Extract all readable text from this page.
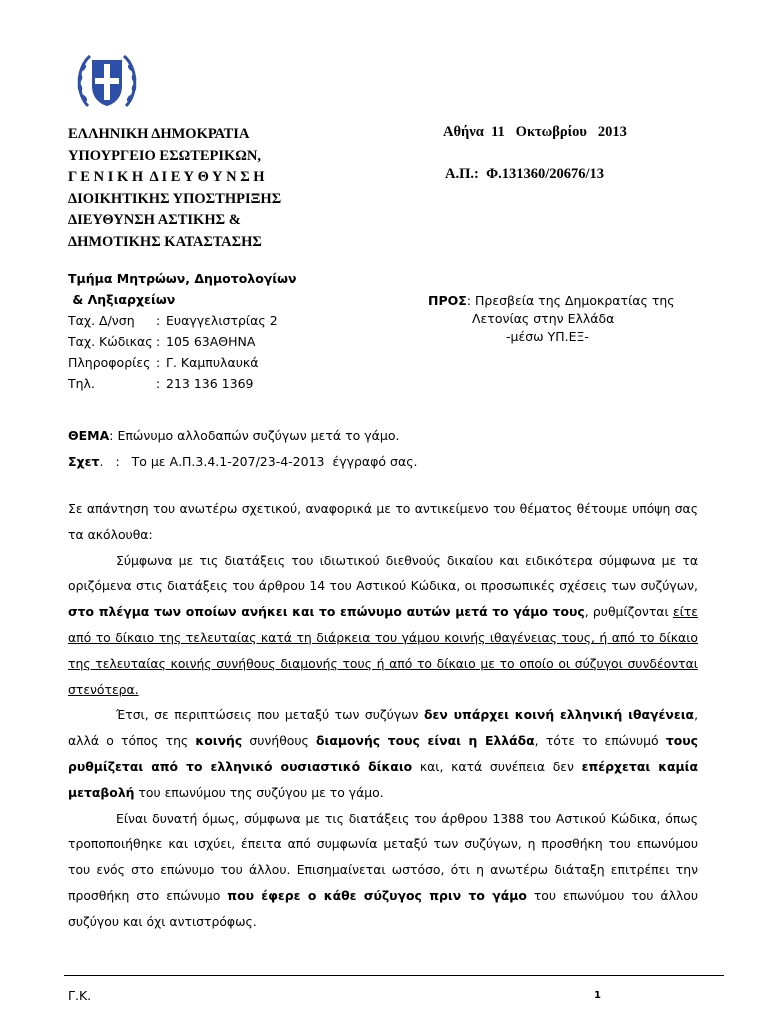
ΕΛΛΗΝΙΚΗ ΔΗΜΟΚΡΑΤΙΑ
ΥΠΟΥΡΓΕΙΟ ΕΣΩΤΕΡΙΚΩΝ,
Γ Ε Ν Ι Κ Η  Δ Ι Ε Υ Θ Υ Ν Σ Η
ΔΙΟΙΚΗΤΙΚΗΣ ΥΠΟΣΤΗΡΙΞΗΣ
ΔΙΕΥΘΥΝΣΗ ΑΣΤΙΚΗΣ &
ΔΗΜΟΤΙΚΗΣ ΚΑΤΑΣΤΑΣΗΣ
Αθήνα  11   Οκτωβρίου   2013
Α.Π.:  Φ.131360/20676/13
Τμήμα Μητρώων, Δημοτολογίων
& Ληξιαρχείων
Ταχ. Δ/νση	: Ευαγγελιστρίας 2
Ταχ. Κώδικας : 105 63ΑΘΗΝΑ
Πληροφορίες : Γ. Καμπυλαυκά
Τηλ.	: 213 136 1369
ΠΡΟΣ: Πρεσβεία της Δημοκρατίας της
Λετονίας στην Ελλάδα
-μέσω ΥΠ.ΕΞ-
ΘΕΜΑ: Επώνυμο αλλοδαπών συζύγων μετά το γάμο.
Σχετ.   :   Το με Α.Π.3.4.1-207/23-4-2013  έγγραφό σας.

Σε απάντηση του ανωτέρω σχετικού, αναφορικά με το αντικείμενο του θέματος θέτουμε υπόψη σας τα ακόλουθα:

Σύμφωνα με τις διατάξεις του ιδιωτικού διεθνούς δικαίου και ειδικότερα σύμφωνα με τα οριζόμενα στις διατάξεις του άρθρου 14 του Αστικού Κώδικα, οι προσωπικές σχέσεις των συζύγων, στο πλέγμα των οποίων ανήκει και το επώνυμο αυτών μετά το γάμο τους, ρυθμίζονται είτε από το δίκαιο της τελευταίας κατά τη διάρκεια του γάμου κοινής ιθαγένειας τους, ή από το δίκαιο της τελευταίας κοινής συνήθους διαμονής τους ή από το δίκαιο με το οποίο οι σύζυγοι συνδέονται στενότερα.

Έτσι, σε περιπτώσεις που μεταξύ των συζύγων δεν υπάρχει κοινή ελληνική ιθαγένεια, αλλά ο τόπος της κοινής συνήθους διαμονής τους είναι η Ελλάδα, τότε το επώνυμό τους ρυθμίζεται από το ελληνικό ουσιαστικό δίκαιο και, κατά συνέπεια δεν επέρχεται καμία μεταβολή του επωνύμου της συζύγου με το γάμο.

Είναι δυνατή όμως, σύμφωνα με τις διατάξεις του άρθρου 1388 του Αστικού Κώδικα, όπως τροποποιήθηκε και ισχύει, έπειτα από συμφωνία μεταξύ των συζύγων, η προσθήκη του επωνύμου του ενός στο επώνυμο του άλλου. Επισημαίνεται ωστόσο, ότι η ανωτέρω διάταξη επιτρέπει την προσθήκη στο επώνυμο που έφερε ο κάθε σύζυγος πριν το γάμο του επωνύμου του άλλου συζύγου και όχι αντιστρόφως.

Γ.Κ.	1
